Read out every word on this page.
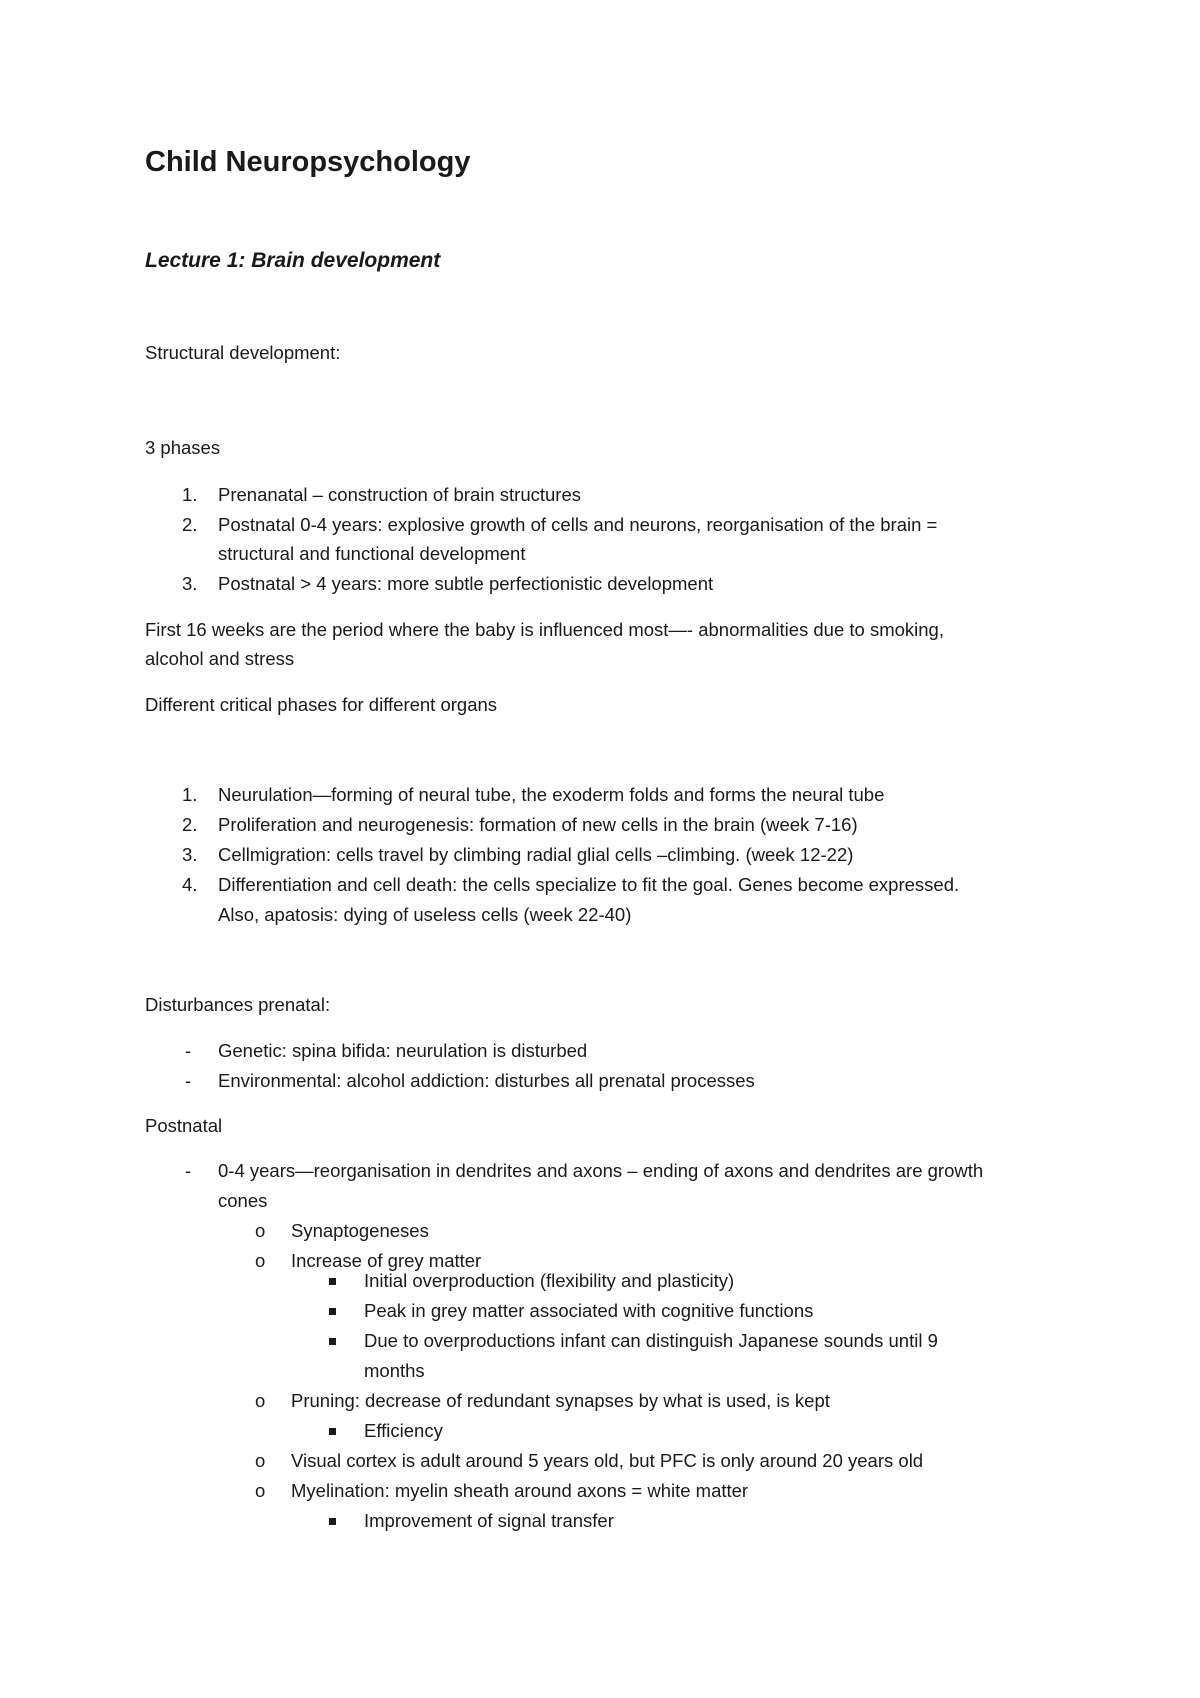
Child Neuropsychology
Lecture 1: Brain development
Structural development:
3 phases
1. Prenanatal – construction of brain structures
2. Postnatal 0-4 years: explosive growth of cells and neurons, reorganisation of the brain =
structural and functional development
3. Postnatal > 4 years: more subtle perfectionistic development
First 16 weeks are the period where the baby is influenced most—- abnormalities due to smoking,
alcohol and stress
Different critical phases for different organs
1. Neurulation—forming of neural tube, the exoderm folds and forms the neural tube
2. Proliferation and neurogenesis: formation of new cells in the brain (week 7-16)
3. Cellmigration: cells travel by climbing radial glial cells –climbing. (week 12-22)
4. Differentiation and cell death: the cells specialize to fit the goal. Genes become expressed.
Also, apatosis: dying of useless cells (week 22-40)
Disturbances prenatal:
- Genetic: spina bifida: neurulation is disturbed
- Environmental: alcohol addiction: disturbes all prenatal processes
Postnatal
- 0-4 years—reorganisation in dendrites and axons – ending of axons and dendrites are growth
cones
o Synaptogeneses
o Increase of grey matter
Initial overproduction (flexibility and plasticity)
Peak in grey matter associated with cognitive functions
Due to overproductions infant can distinguish Japanese sounds until 9
months
o Pruning: decrease of redundant synapses by what is used, is kept
Efficiency
o Visual cortex is adult around 5 years old, but PFC is only around 20 years old
o Myelination: myelin sheath around axons = white matter
Improvement of signal transfer
